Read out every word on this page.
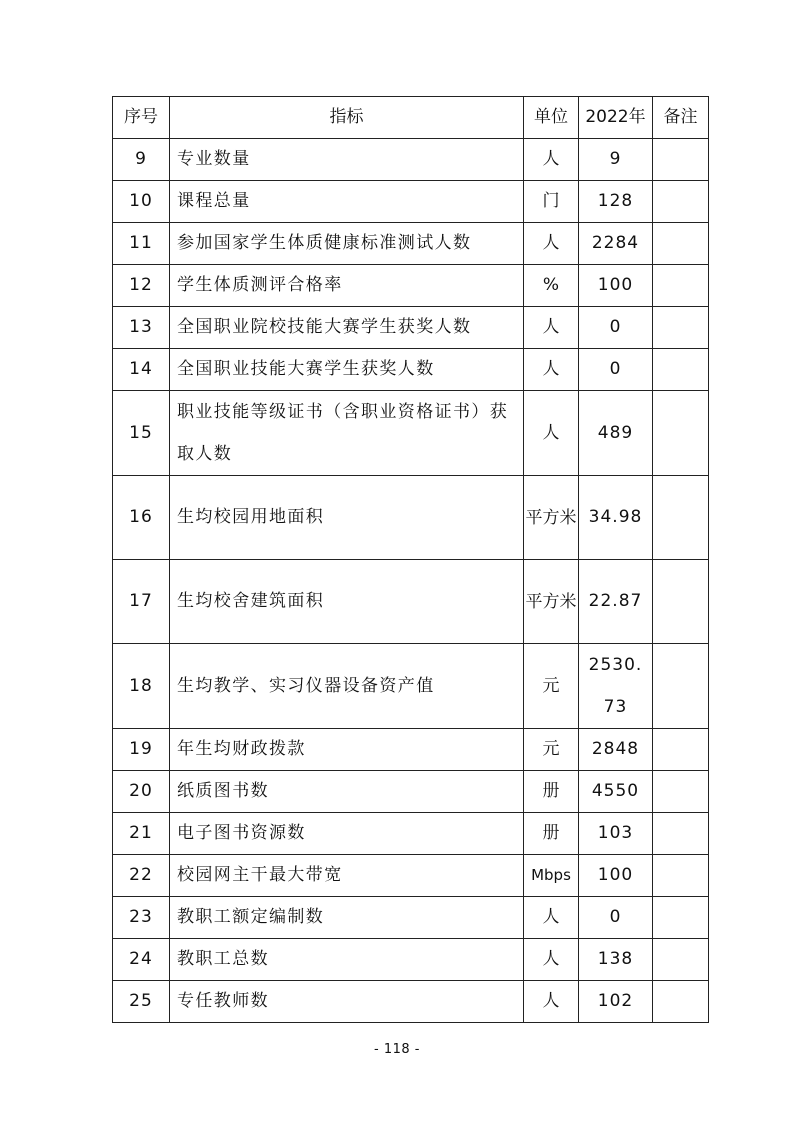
序号	指标	单位	2022年	备注
9	专业数量	人	9	
10	课程总量	门	128	
11	参加国家学生体质健康标准测试人数	人	2284	
12	学生体质测评合格率	%	100	
13	全国职业院校技能大赛学生获奖人数	人	0	
14	全国职业技能大赛学生获奖人数	人	0	
15	职业技能等级证书（含职业资格证书）获取人数	人	489	
16	生均校园用地面积	平方米	34.98	
17	生均校舍建筑面积	平方米	22.87	
18	生均教学、实习仪器设备资产值	元	2530.73	
19	年生均财政拨款	元	2848	
20	纸质图书数	册	4550	
21	电子图书资源数	册	103	
22	校园网主干最大带宽	Mbps	100	
23	教职工额定编制数	人	0	
24	教职工总数	人	138	
25	专任教师数	人	102	
- 118 -
